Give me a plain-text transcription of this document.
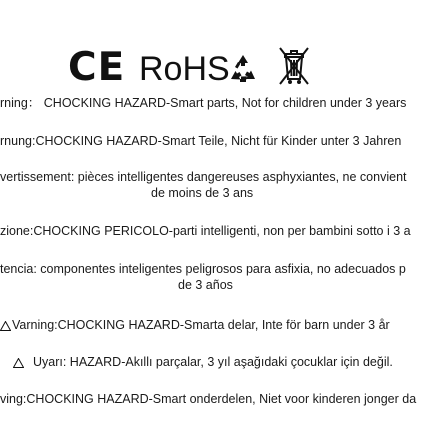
CE RoHS
rning： CHOCKING HAZARD-Smart parts, Not for children under 3 years
rnung:CHOCKING HAZARD-Smart Teile, Nicht für Kinder unter 3 Jahren
vertissement: pièces intelligentes dangereuses asphyxiantes, ne convient
de moins de 3 ans
zione:CHOCKING PERICOLO-parti intelligenti, non per bambini sotto i 3 a
tencia: componentes inteligentes peligrosos para asfixia, no adecuados p
de 3 años
Varning:CHOCKING HAZARD-Smarta delar, Inte för barn under 3 år
Uyarı: HAZARD-Akıllı parçalar, 3 yıl aşağıdaki çocuklar için değil.
ving:CHOCKING HAZARD-Smart onderdelen, Niet voor kinderen jonger da
